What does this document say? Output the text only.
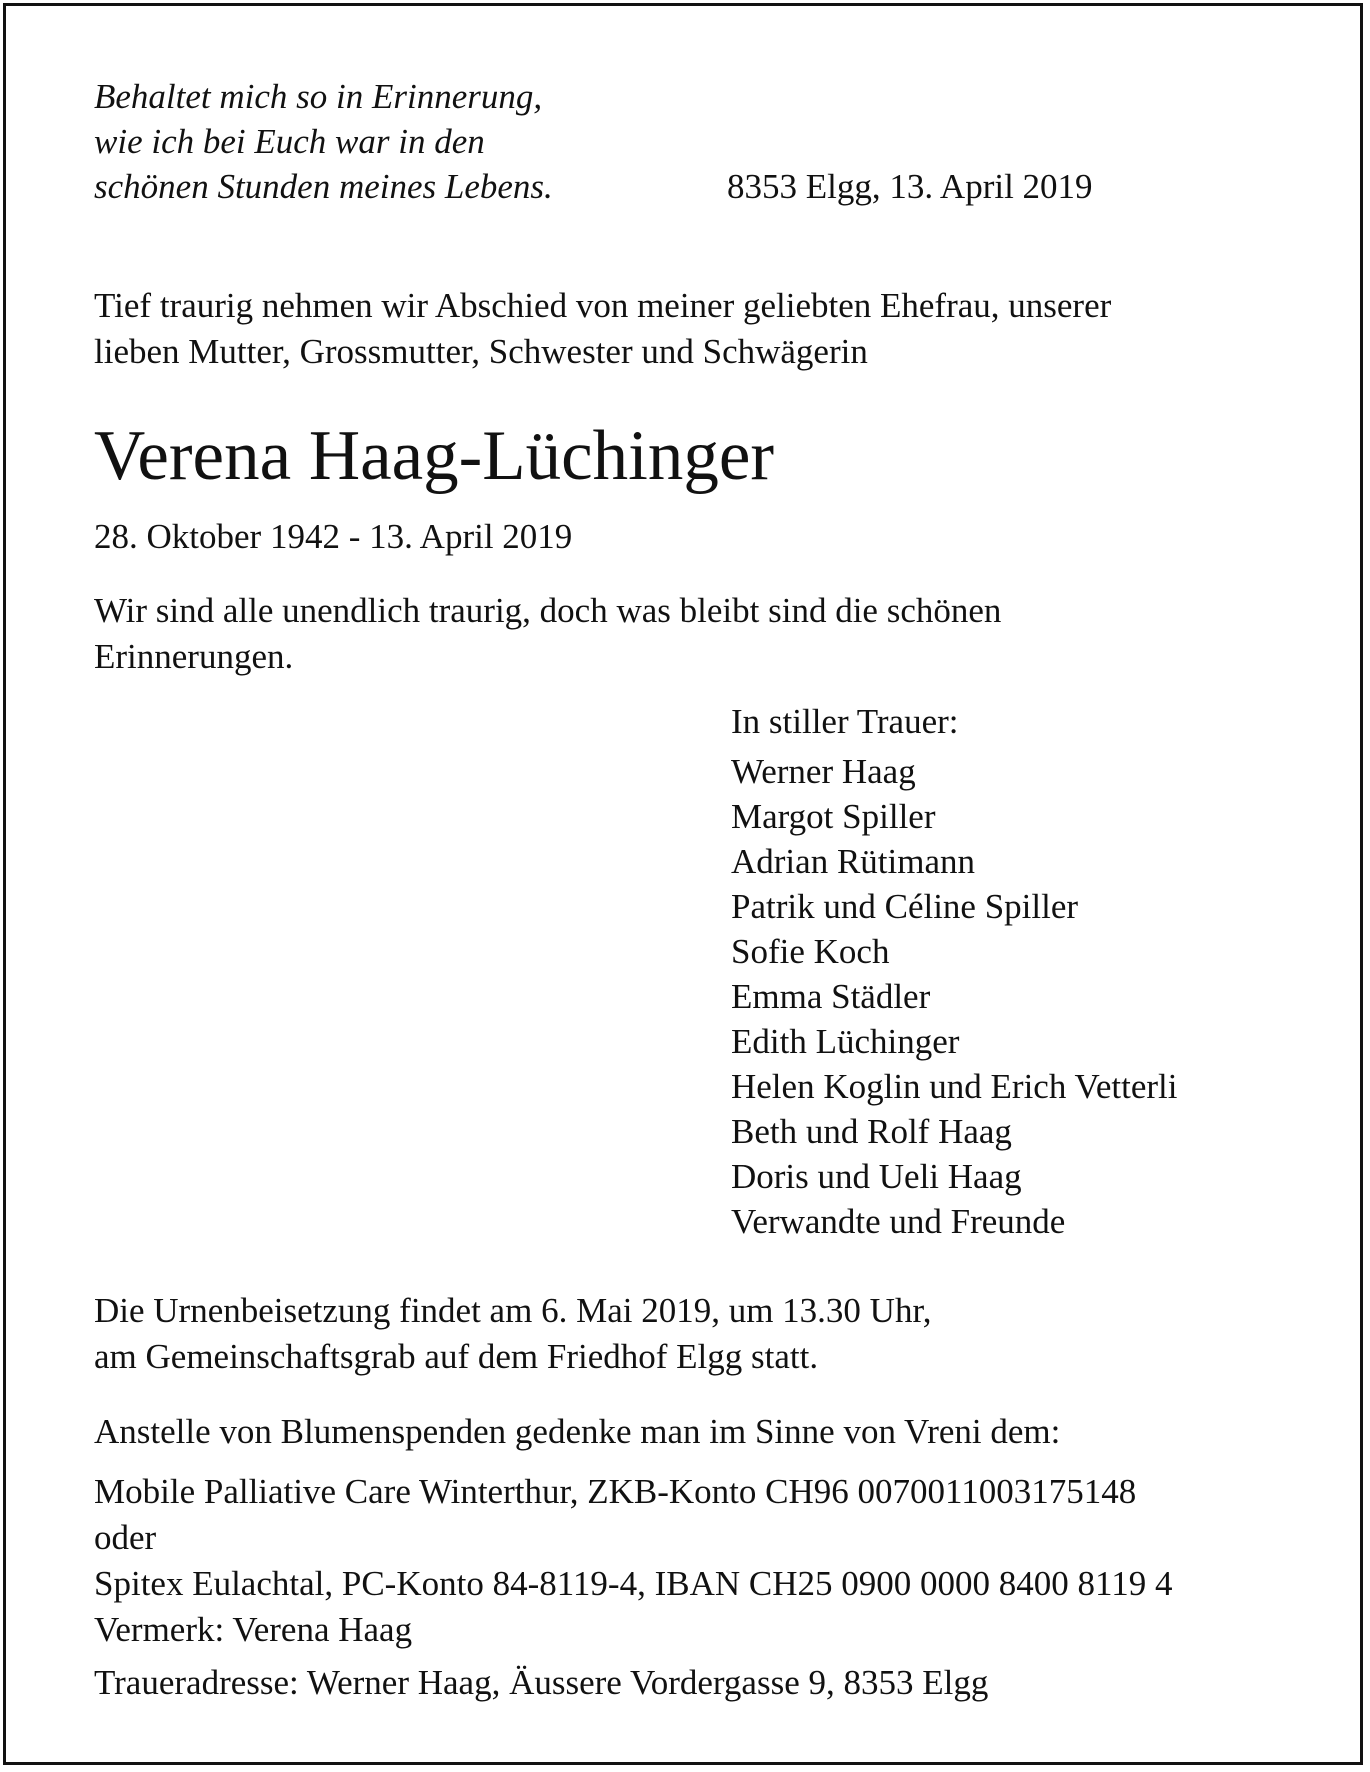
Behaltet mich so in Erinnerung,
wie ich bei Euch war in den
schönen Stunden meines Lebens.	8353 Elgg, 13. April 2019
Tief traurig nehmen wir Abschied von meiner geliebten Ehefrau, unserer
lieben Mutter, Grossmutter, Schwester und Schwägerin
Verena Haag-Lüchinger
28. Oktober 1942 - 13. April 2019
Wir sind alle unendlich traurig, doch was bleibt sind die schönen
Erinnerungen.
In stiller Trauer:
Werner Haag
Margot Spiller
Adrian Rütimann
Patrik und Céline Spiller
Sofie Koch
Emma Städler
Edith Lüchinger
Helen Koglin und Erich Vetterli
Beth und Rolf Haag
Doris und Ueli Haag
Verwandte und Freunde
Die Urnenbeisetzung findet am 6. Mai 2019, um 13.30 Uhr,
am Gemeinschaftsgrab auf dem Friedhof Elgg statt.
Anstelle von Blumenspenden gedenke man im Sinne von Vreni dem:
Mobile Palliative Care Winterthur, ZKB-Konto CH96 0070011003175148
oder
Spitex Eulachtal, PC-Konto 84-8119-4, IBAN CH25 0900 0000 8400 8119 4
Vermerk: Verena Haag
Traueradresse: Werner Haag, Äussere Vordergasse 9, 8353 Elgg
